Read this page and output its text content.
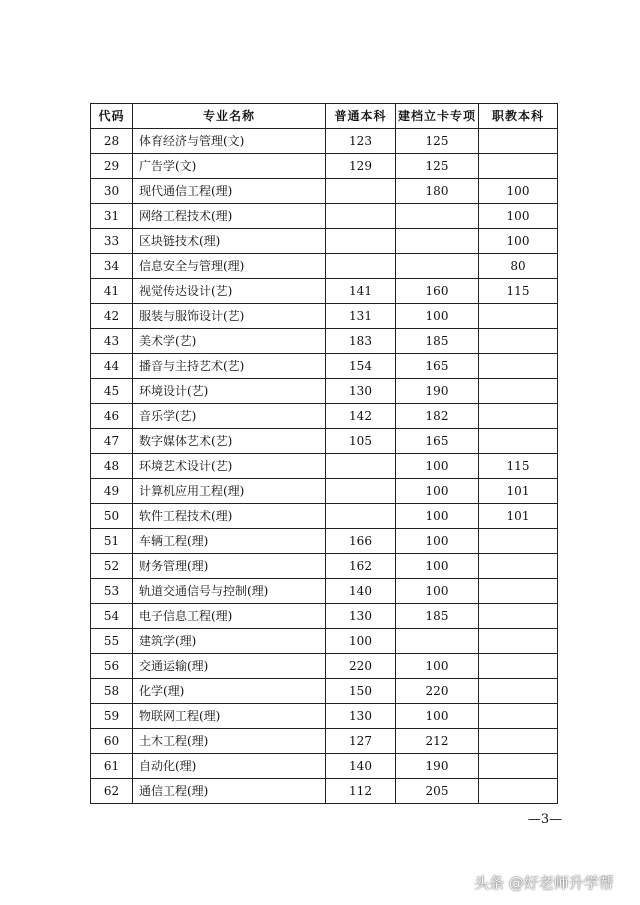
代码	专业名称	普通本科	建档立卡专项	职教本科
28	体育经济与管理(文)	123	125	
29	广告学(文)	129	125	
30	现代通信工程(理)		180	100
31	网络工程技术(理)			100
33	区块链技术(理)			100
34	信息安全与管理(理)			80
41	视觉传达设计(艺)	141	160	115
42	服装与服饰设计(艺)	131	100	
43	美术学(艺)	183	185	
44	播音与主持艺术(艺)	154	165	
45	环境设计(艺)	130	190	
46	音乐学(艺)	142	182	
47	数字媒体艺术(艺)	105	165	
48	环境艺术设计(艺)		100	115
49	计算机应用工程(理)		100	101
50	软件工程技术(理)		100	101
51	车辆工程(理)	166	100	
52	财务管理(理)	162	100	
53	轨道交通信号与控制(理)	140	100	
54	电子信息工程(理)	130	185	
55	建筑学(理)	100		
56	交通运输(理)	220	100	
58	化学(理)	150	220	
59	物联网工程(理)	130	100	
60	土木工程(理)	127	212	
61	自动化(理)	140	190	
62	通信工程(理)	112	205	
—3—
头条 @好老师升学帮
